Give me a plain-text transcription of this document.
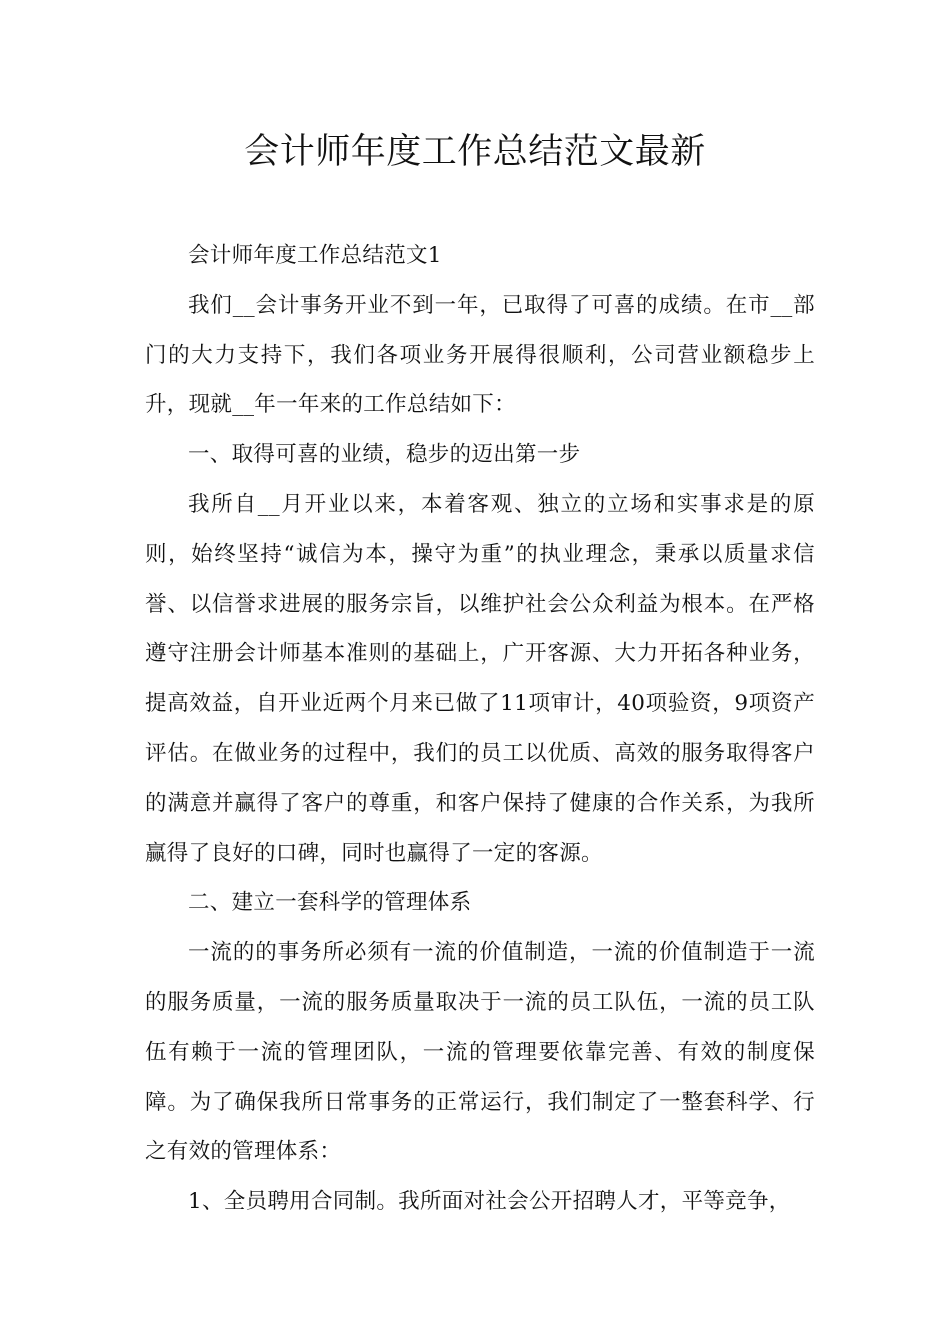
会计师年度工作总结范文最新

会计师年度工作总结范文1

我们__会计事务开业不到一年，已取得了可喜的成绩。在市__部门的大力支持下，我们各项业务开展得很顺利，公司营业额稳步上升，现就__年一年来的工作总结如下：

一、取得可喜的业绩，稳步的迈出第一步

我所自__月开业以来，本着客观、独立的立场和实事求是的原则，始终坚持“诚信为本，操守为重”的执业理念，秉承以质量求信誉、以信誉求进展的服务宗旨，以维护社会公众利益为根本。在严格遵守注册会计师基本准则的基础上，广开客源、大力开拓各种业务，提高效益，自开业近两个月来已做了11项审计，40项验资，9项资产评估。在做业务的过程中，我们的员工以优质、高效的服务取得客户的满意并赢得了客户的尊重，和客户保持了健康的合作关系，为我所赢得了良好的口碑，同时也赢得了一定的客源。

二、建立一套科学的管理体系

一流的的事务所必须有一流的价值制造，一流的价值制造于一流的服务质量，一流的服务质量取决于一流的员工队伍，一流的员工队伍有赖于一流的管理团队，一流的管理要依靠完善、有效的制度保障。为了确保我所日常事务的正常运行，我们制定了一整套科学、行之有效的管理体系：

1、全员聘用合同制。我所面对社会公开招聘人才，平等竞争，
